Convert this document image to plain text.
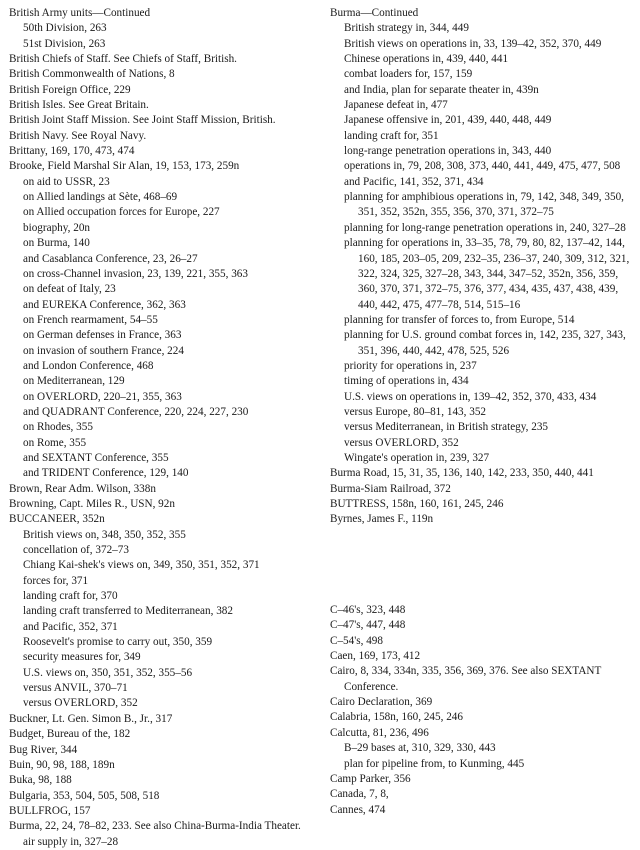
British Army units—Continued

50th Division, 263

51st Division, 263

British Chiefs of Staff. See Chiefs of Staff, British.

British Commonwealth of Nations, 8

British Foreign Office, 229

British Isles. See Great Britain.

British Joint Staff Mission. See Joint Staff Mission, British.

British Navy. See Royal Navy.

Brittany, 169, 170, 473, 474

Brooke, Field Marshal Sir Alan, 19, 153, 173, 259n

on aid to USSR, 23

on Allied landings at Sète, 468–69

on Allied occupation forces for Europe, 227

biography, 20n

on Burma, 140

and Casablanca Conference, 23, 26–27

on cross-Channel invasion, 23, 139, 221, 355, 363

on defeat of Italy, 23

and EUREKA Conference, 362, 363

on French rearmament, 54–55

on German defenses in France, 363

on invasion of southern France, 224

and London Conference, 468

on Mediterranean, 129

on OVERLORD, 220–21, 355, 363

and QUADRANT Conference, 220, 224, 227, 230

on Rhodes, 355

on Rome, 355

and SEXTANT Conference, 355

and TRIDENT Conference, 129, 140

Brown, Rear Adm. Wilson, 338n

Browning, Capt. Miles R., USN, 92n

BUCCANEER, 352n

British views on, 348, 350, 352, 355

concellation of, 372–73

Chiang Kai-shek's views on, 349, 350, 351, 352, 371

forces for, 371

landing craft for, 370

landing craft transferred to Mediterranean, 382

and Pacific, 352, 371

Roosevelt's promise to carry out, 350, 359

security measures for, 349

U.S. views on, 350, 351, 352, 355–56

versus ANVIL, 370–71

versus OVERLORD, 352

Buckner, Lt. Gen. Simon B., Jr., 317

Budget, Bureau of the, 182

Bug River, 344

Buin, 90, 98, 188, 189n

Buka, 98, 188

Bulgaria, 353, 504, 505, 508, 518

BULLFROG, 157

Burma, 22, 24, 78–82, 233. See also China-Burma-India Theater.

air supply in, 327–28

Burma—Continued

British strategy in, 344, 449

British views on operations in, 33, 139–42, 352, 370, 449

Chinese operations in, 439, 440, 441

combat loaders for, 157, 159

and India, plan for separate theater in, 439n

Japanese defeat in, 477

Japanese offensive in, 201, 439, 440, 448, 449

landing craft for, 351

long-range penetration operations in, 343, 440

operations in, 79, 208, 308, 373, 440, 441, 449, 475, 477, 508

and Pacific, 141, 352, 371, 434

planning for amphibious operations in, 79, 142, 348, 349, 350, 351, 352, 352n, 355, 356, 370, 371, 372–75

planning for long-range penetration operations in, 240, 327–28

planning for operations in, 33–35, 78, 79, 80, 82, 137–42, 144, 160, 185, 203–05, 209, 232–35, 236–37, 240, 309, 312, 321, 322, 324, 325, 327–28, 343, 344, 347–52, 352n, 356, 359, 360, 370, 371, 372–75, 376, 377, 434, 435, 437, 438, 439, 440, 442, 475, 477–78, 514, 515–16

planning for transfer of forces to, from Europe, 514

planning for U.S. ground combat forces in, 142, 235, 327, 343, 351, 396, 440, 442, 478, 525, 526

priority for operations in, 237

timing of operations in, 434

U.S. views on operations in, 139–42, 352, 370, 433, 434

versus Europe, 80–81, 143, 352

versus Mediterranean, in British strategy, 235

versus OVERLORD, 352

Wingate's operation in, 239, 327

Burma Road, 15, 31, 35, 136, 140, 142, 233, 350, 440, 441

Burma-Siam Railroad, 372

BUTTRESS, 158n, 160, 161, 245, 246

Byrnes, James F., 119n

C–46's, 323, 448

C–47's, 447, 448

C–54's, 498

Caen, 169, 173, 412

Cairo, 8, 334, 334n, 335, 356, 369, 376. See also SEXTANT Conference.

Cairo Declaration, 369

Calabria, 158n, 160, 245, 246

Calcutta, 81, 236, 496

B–29 bases at, 310, 329, 330, 443

plan for pipeline from, to Kunming, 445

Camp Parker, 356

Canada, 7, 8,

Cannes, 474
